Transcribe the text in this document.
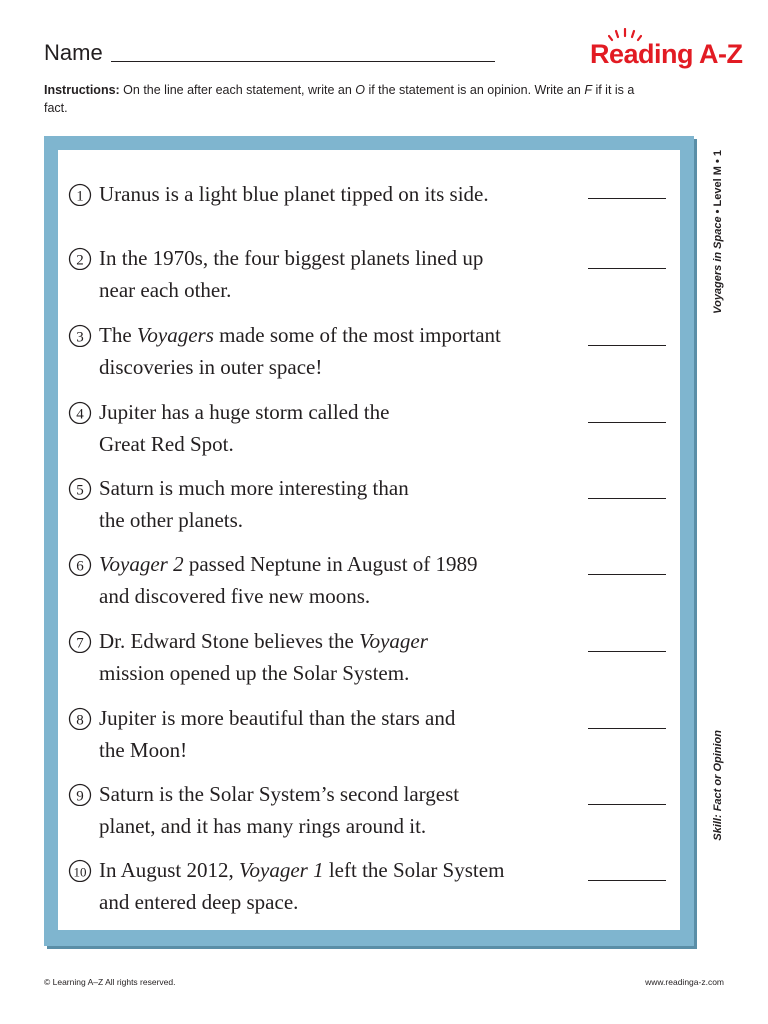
Name	Reading A-Z
Instructions: On the line after each statement, write an O if the statement is an opinion. Write an F if it is a fact.
1 Uranus is a light blue planet tipped on its side.
2 In the 1970s, the four biggest planets lined up
near each other.
3 The Voyagers made some of the most important
discoveries in outer space!
4 Jupiter has a huge storm called the
Great Red Spot.
5 Saturn is much more interesting than
the other planets.
6 Voyager 2 passed Neptune in August of 1989
and discovered five new moons.
7 Dr. Edward Stone believes the Voyager
mission opened up the Solar System.
8 Jupiter is more beautiful than the stars and
the Moon!
9 Saturn is the Solar System’s second largest
planet, and it has many rings around it.
10 In August 2012, Voyager 1 left the Solar System
and entered deep space.
Voyagers in Space • Level M • 1
Skill: Fact or Opinion
© Learning A–Z All rights reserved.	www.readinga-z.com
